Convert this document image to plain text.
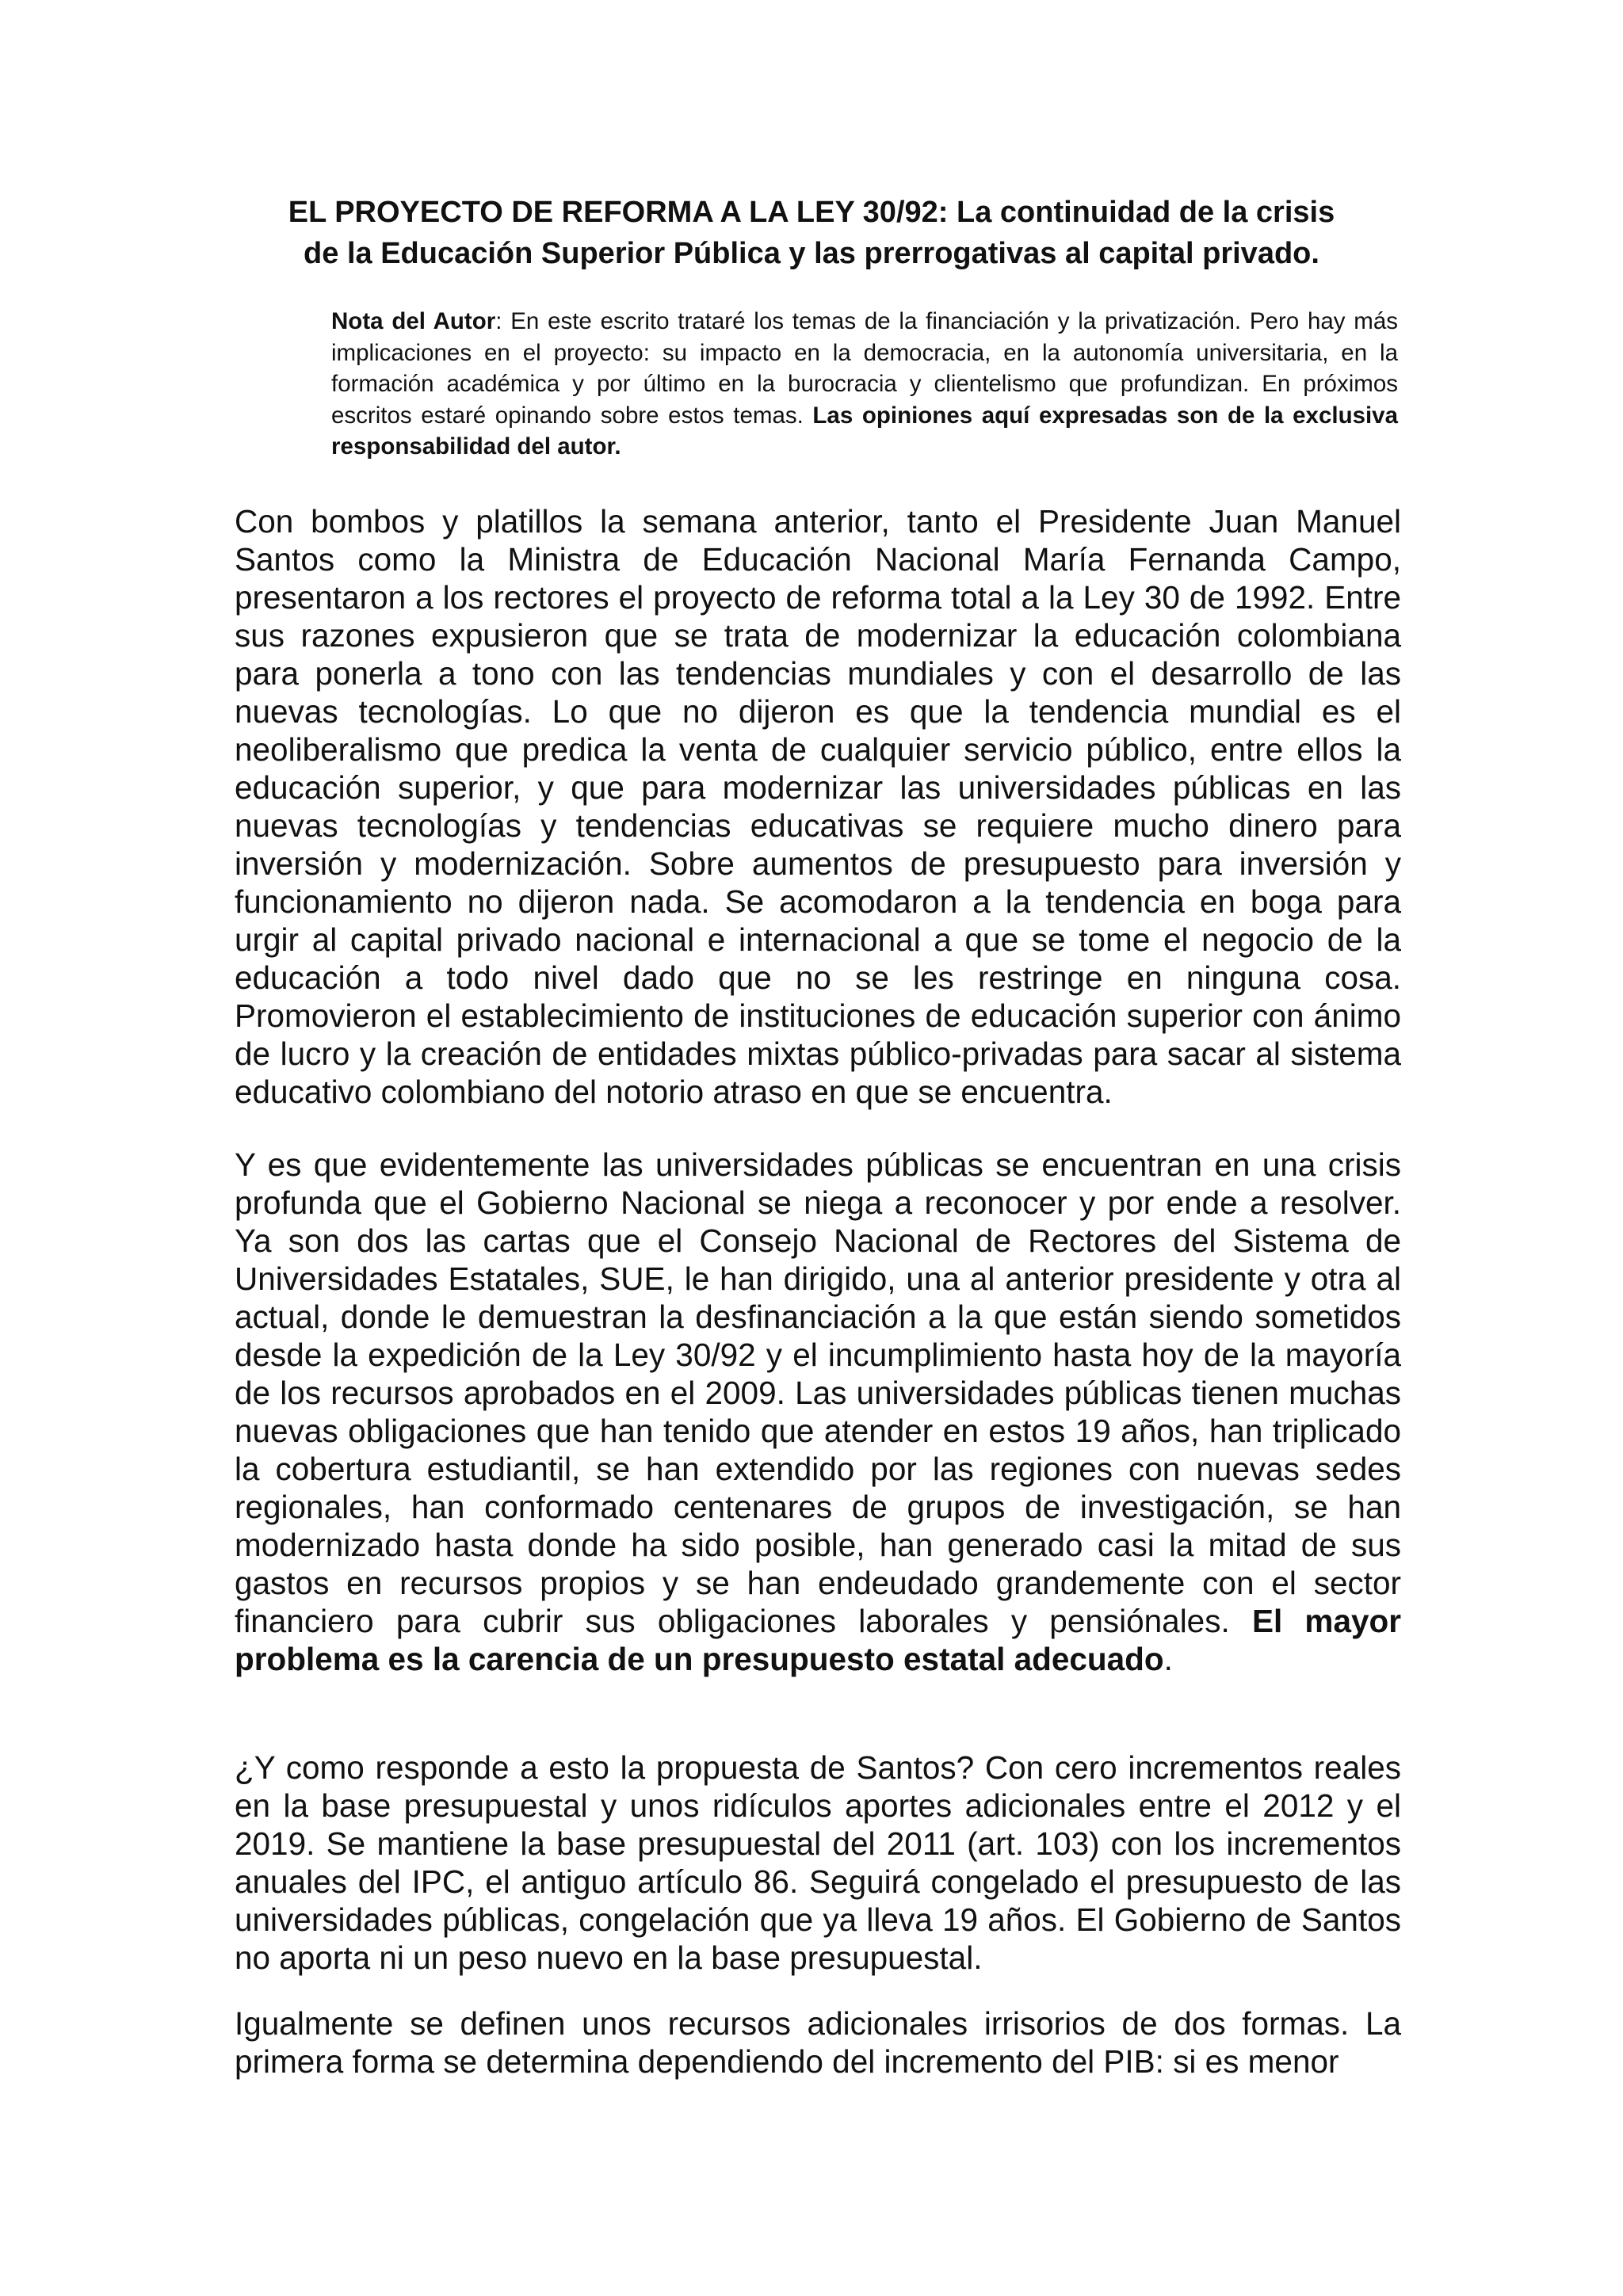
EL PROYECTO DE REFORMA A LA LEY 30/92: La continuidad de la crisis
de la Educación Superior Pública y las prerrogativas al capital privado.

Nota del Autor: En este escrito trataré los temas de la financiación y la privatización. Pero hay más implicaciones en el proyecto: su impacto en la democracia, en la autonomía universitaria, en la formación académica y por último en la burocracia y clientelismo que profundizan. En próximos escritos estaré opinando sobre estos temas. Las opiniones aquí expresadas son de la exclusiva responsabilidad del autor.

Con bombos y platillos la semana anterior, tanto el Presidente Juan Manuel Santos como la Ministra de Educación Nacional María Fernanda Campo, presentaron a los rectores el proyecto de reforma total a la Ley 30 de 1992. Entre sus razones expusieron que se trata de modernizar la educación colombiana para ponerla a tono con las tendencias mundiales y con el desarrollo de las nuevas tecnologías. Lo que no dijeron es que la tendencia mundial es el neoliberalismo que predica la venta de cualquier servicio público, entre ellos la educación superior, y que para modernizar las universidades públicas en las nuevas tecnologías y tendencias educativas se requiere mucho dinero para inversión y modernización. Sobre aumentos de presupuesto para inversión y funcionamiento no dijeron nada. Se acomodaron a la tendencia en boga para urgir al capital privado nacional e internacional a que se tome el negocio de la educación a todo nivel dado que no se les restringe en ninguna cosa. Promovieron el establecimiento de instituciones de educación superior con ánimo de lucro y la creación de entidades mixtas público-privadas para sacar al sistema educativo colombiano del notorio atraso en que se encuentra.

Y es que evidentemente las universidades públicas se encuentran en una crisis profunda que el Gobierno Nacional se niega a reconocer y por ende a resolver. Ya son dos las cartas que el Consejo Nacional de Rectores del Sistema de Universidades Estatales, SUE, le han dirigido, una al anterior presidente y otra al actual, donde le demuestran la desfinanciación a la que están siendo sometidos desde la expedición de la Ley 30/92 y el incumplimiento hasta hoy de la mayoría de los recursos aprobados en el 2009. Las universidades públicas tienen muchas nuevas obligaciones que han tenido que atender en estos 19 años, han triplicado la cobertura estudiantil, se han extendido por las regiones con nuevas sedes regionales, han conformado centenares de grupos de investigación, se han modernizado hasta donde ha sido posible, han generado casi la mitad de sus gastos en recursos propios y se han endeudado grandemente con el sector financiero para cubrir sus obligaciones laborales y pensiónales. El mayor problema es la carencia de un presupuesto estatal adecuado.

¿Y como responde a esto la propuesta de Santos? Con cero incrementos reales en la base presupuestal y unos ridículos aportes adicionales entre el 2012 y el 2019. Se mantiene la base presupuestal del 2011 (art. 103) con los incrementos anuales del IPC, el antiguo artículo 86. Seguirá congelado el presupuesto de las universidades públicas, congelación que ya lleva 19 años. El Gobierno de Santos no aporta ni un peso nuevo en la base presupuestal.

Igualmente se definen unos recursos adicionales irrisorios de dos formas. La primera forma se determina dependiendo del incremento del PIB: si es menor
